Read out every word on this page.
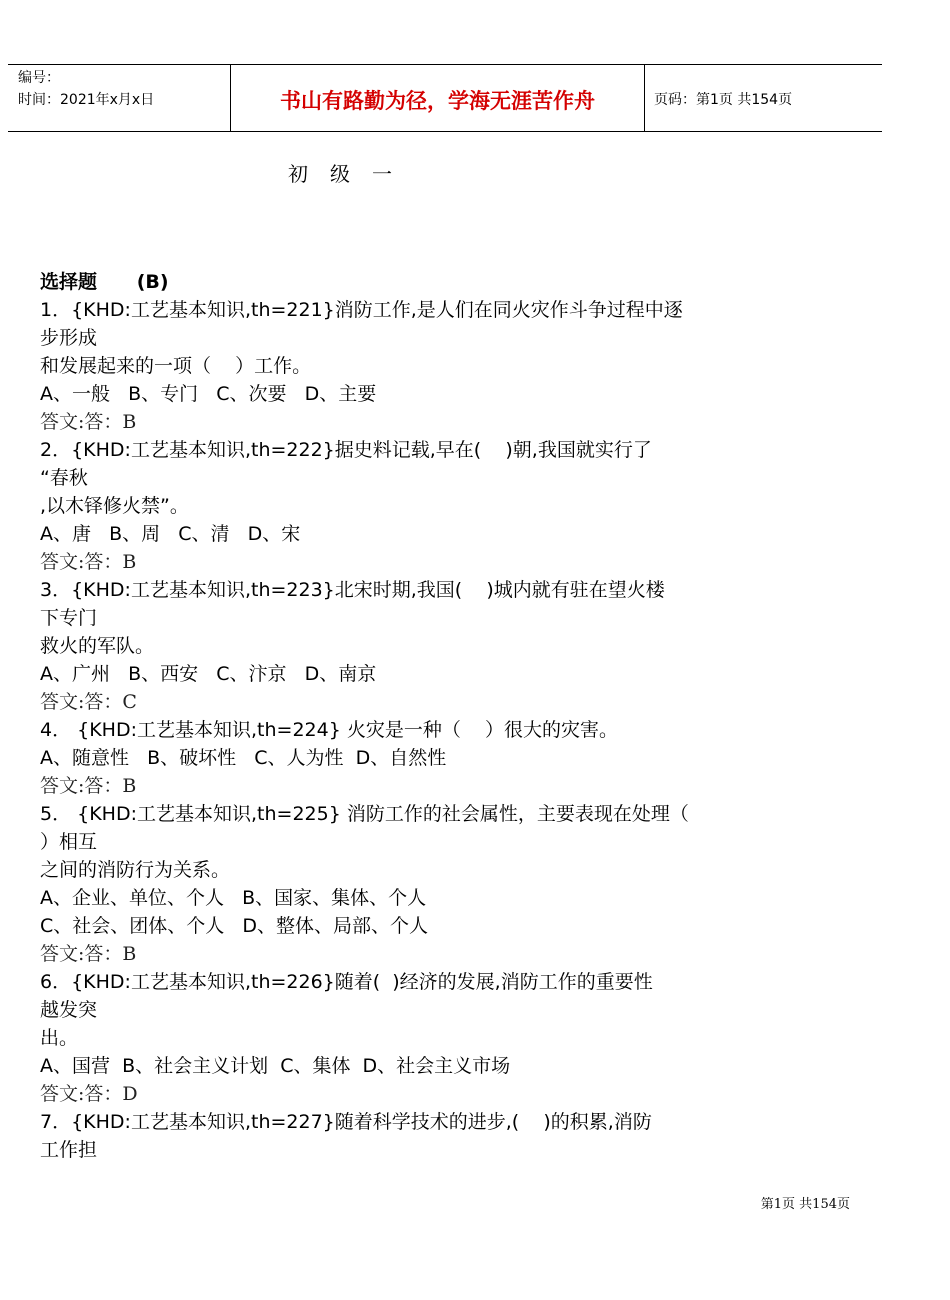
编号：
时间：2021年x月x日	书山有路勤为径，学海无涯苦作舟	页码：第1页 共154页
初级一
选择题      (B)
1．{KHD:工艺基本知识,th=221}消防工作,是人们在同火灾作斗争过程中逐
步形成
和发展起来的一项（    ）工作。
A、一般   B、专门   C、次要   D、主要
答文:答：B
2．{KHD:工艺基本知识,th=222}据史料记载,早在(    )朝,我国就实行了
“春秋
,以木铎修火禁”。
A、唐   B、周   C、清   D、宋
答文:答：B
3．{KHD:工艺基本知识,th=223}北宋时期,我国(    )城内就有驻在望火楼
下专门
救火的军队。
A、广州   B、西安   C、汴京   D、南京
答文:答：C
4． {KHD:工艺基本知识,th=224} 火灾是一种（    ）很大的灾害。
A、随意性   B、破坏性   C、人为性  D、自然性
答文:答：B
5． {KHD:工艺基本知识,th=225} 消防工作的社会属性，主要表现在处理（
）相互
之间的消防行为关系。
A、企业、单位、个人   B、国家、集体、个人
C、社会、团体、个人   D、整体、局部、个人
答文:答：B
6．{KHD:工艺基本知识,th=226}随着(  )经济的发展,消防工作的重要性
越发突
出。
A、国营  B、社会主义计划  C、集体  D、社会主义市场
答文:答：D
7．{KHD:工艺基本知识,th=227}随着科学技术的进步,(    )的积累,消防
工作担
第1页 共154页
